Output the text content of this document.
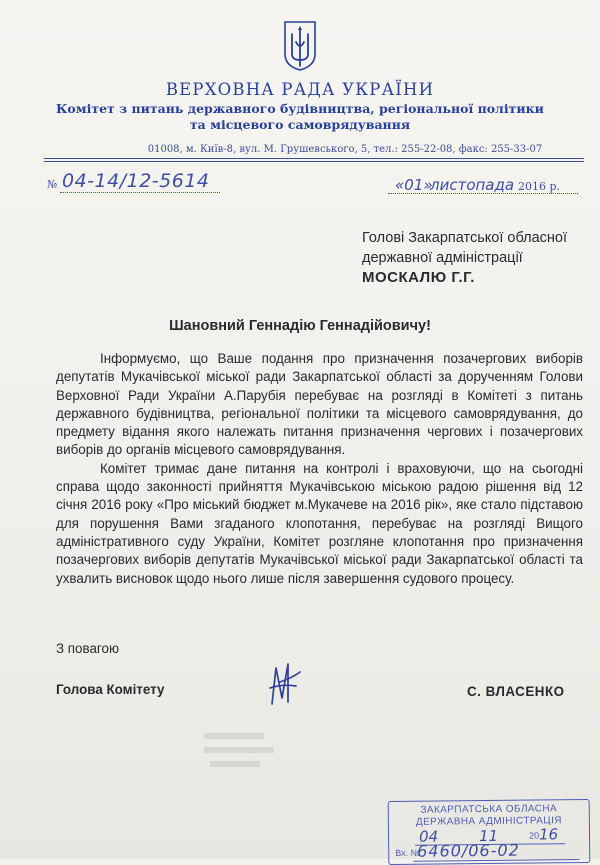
ВЕРХОВНА РАДА УКРАЇНИ
Комітет з питань державного будівництва, регіональної політики
та місцевого самоврядування
01008, м. Київ-8, вул. М. Грушевського, 5, тел.: 255-22-08, факс: 255-33-07
№ 04-14/12-5614	«01»
листопада 2016 р.
Голові Закарпатської обласної
державної адміністрації
МОСКАЛЮ Г.Г.
Шановний Геннадію Геннадійовичу!

Інформуємо, що Ваше подання про призначення позачергових виборів депутатів Мукачівської міської ради Закарпатської області за дорученням Голови Верховної Ради України А.Парубія перебуває на розгляді в Комітеті з питань державного будівництва, регіональної політики та місцевого самоврядування, до предмету відання якого належать питання призначення чергових і позачергових виборів до органів місцевого самоврядування.

Комітет тримає дане питання на контролі і враховуючи, що на сьогодні справа щодо законності прийняття Мукачівською міською радою рішення від 12 січня 2016 року «Про міський бюджет м.Мукачеве на 2016 рік», яке стало підставою для порушення Вами згаданого клопотання, перебуває на розгляді Вищого адміністративного суду України, Комітет розгляне клопотання про призначення позачергових виборів депутатів Мукачівської міської ради Закарпатської області та ухвалить висновок щодо нього лише після завершення судового процесу.

З повагою
Голова Комітету	С. ВЛАСЕНКО
ЗАКАРПАТСЬКА ОБЛАСНА
ДЕРЖАВНА АДМІНІСТРАЦІЯ
04	11	20 16
Вх. №
6460/06-02
